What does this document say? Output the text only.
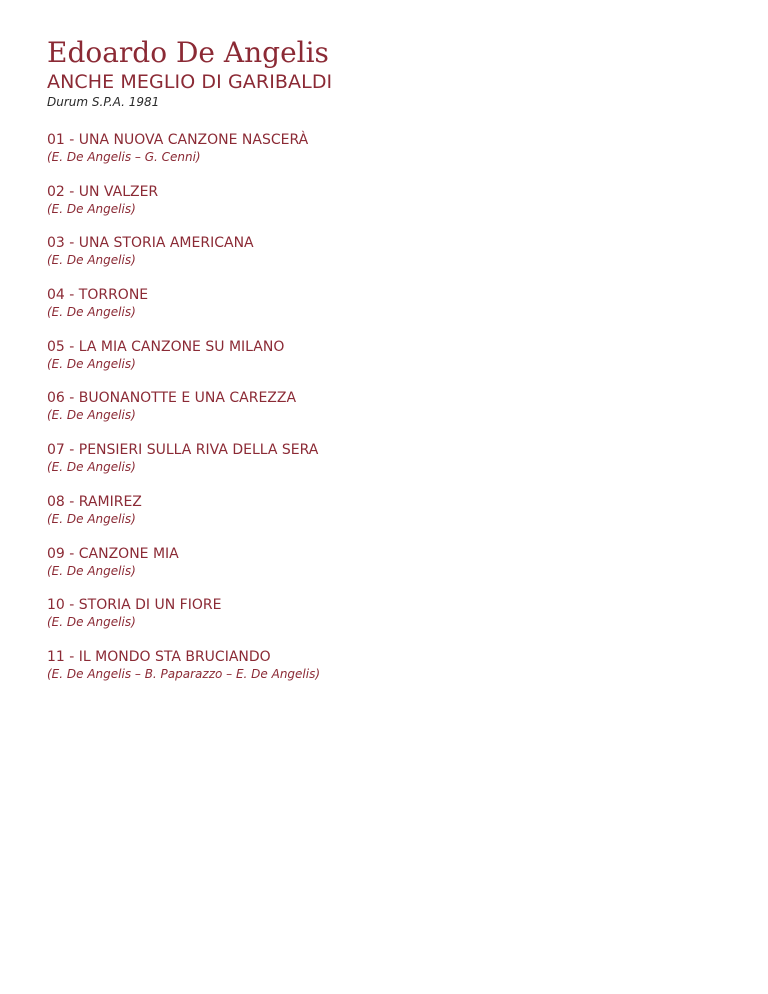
Edoardo De Angelis
ANCHE MEGLIO DI GARIBALDI
Durum S.P.A. 1981
01 - UNA NUOVA CANZONE NASCERÀ
(E. De Angelis – G. Cenni)
02 - UN VALZER
(E. De Angelis)
03 - UNA STORIA AMERICANA
(E. De Angelis)
04 - TORRONE
(E. De Angelis)
05 - LA MIA CANZONE SU MILANO
(E. De Angelis)
06 - BUONANOTTE E UNA CAREZZA
(E. De Angelis)
07 - PENSIERI SULLA RIVA DELLA SERA
(E. De Angelis)
08 - RAMIREZ
(E. De Angelis)
09 - CANZONE MIA
(E. De Angelis)
10 - STORIA DI UN FIORE
(E. De Angelis)
11 - IL MONDO STA BRUCIANDO
(E. De Angelis – B. Paparazzo – E. De Angelis)
